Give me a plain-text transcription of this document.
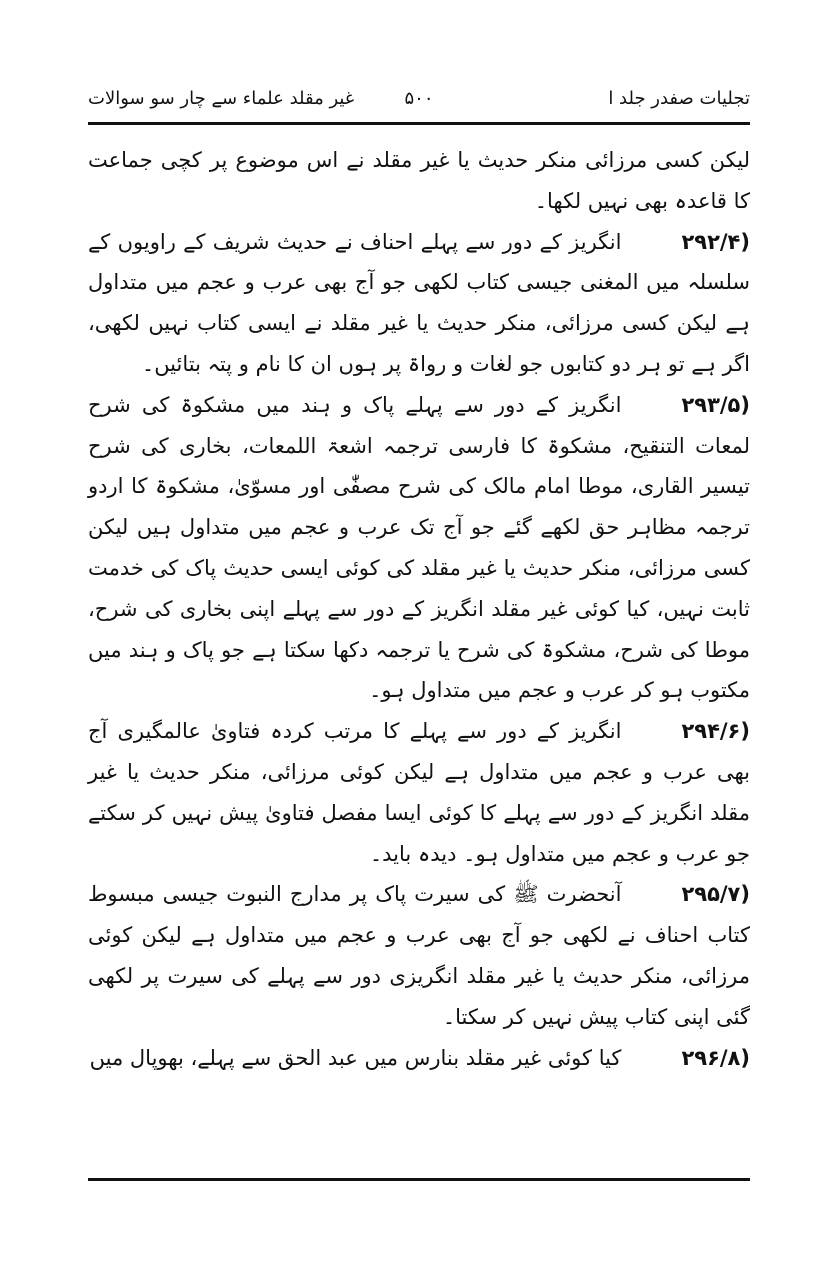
تجلیات صفدر جلد ا
۵۰۰
غیر مقلد علماء سے چار سو سوالات

لیکن کسی مرزائی منکر حدیث یا غیر مقلد نے اس موضوع پر کچی جماعت کا قاعدہ بھی نہیں لکھا۔

(۲۹۲/۴انگریز کے دور سے پہلے احناف نے حدیث شریف کے راویوں کے سلسلہ میں المغنی جیسی کتاب لکھی جو آج بھی عرب و عجم میں متداول ہے لیکن کسی مرزائی، منکر حدیث یا غیر مقلد نے ایسی کتاب نہیں لکھی، اگر ہے تو ہر دو کتابوں جو لغات و رواۃ پر ہوں ان کا نام و پتہ بتائیں۔

(۲۹۳/۵انگریز کے دور سے پہلے پاک و ہند میں مشکوۃ کی شرح لمعات التنقیح، مشکوۃ کا فارسی ترجمہ اشعۃ اللمعات، بخاری کی شرح تیسیر القاری، موطا امام مالک کی شرح مصفّٰی اور مسوّیٰ، مشکوۃ کا اردو ترجمہ مظاہر حق لکھے گئے جو آج تک عرب و عجم میں متداول ہیں لیکن کسی مرزائی، منکر حدیث یا غیر مقلد کی کوئی ایسی حدیث پاک کی خدمت ثابت نہیں، کیا کوئی غیر مقلد انگریز کے دور سے پہلے اپنی بخاری کی شرح، موطا کی شرح، مشکوۃ کی شرح یا ترجمہ دکھا سکتا ہے جو پاک و ہند میں مکتوب ہو کر عرب و عجم میں متداول ہو۔

(۲۹۴/۶انگریز کے دور سے پہلے کا مرتب کردہ فتاویٰ عالمگیری آج بھی عرب و عجم میں متداول ہے لیکن کوئی مرزائی، منکر حدیث یا غیر مقلد انگریز کے دور سے پہلے کا کوئی ایسا مفصل فتاویٰ پیش نہیں کر سکتے جو عرب و عجم میں متداول ہو۔ دیدہ باید۔

(۲۹۵/۷آنحضرت ﷺ کی سیرت پاک پر مدارج النبوت جیسی مبسوط کتاب احناف نے لکھی جو آج بھی عرب و عجم میں متداول ہے لیکن کوئی مرزائی، منکر حدیث یا غیر مقلد انگریزی دور سے پہلے کی سیرت پر لکھی گئی اپنی کتاب پیش نہیں کر سکتا۔

(۲۹۶/۸کیا کوئی غیر مقلد بنارس میں عبد الحق سے پہلے، بھوپال میں
